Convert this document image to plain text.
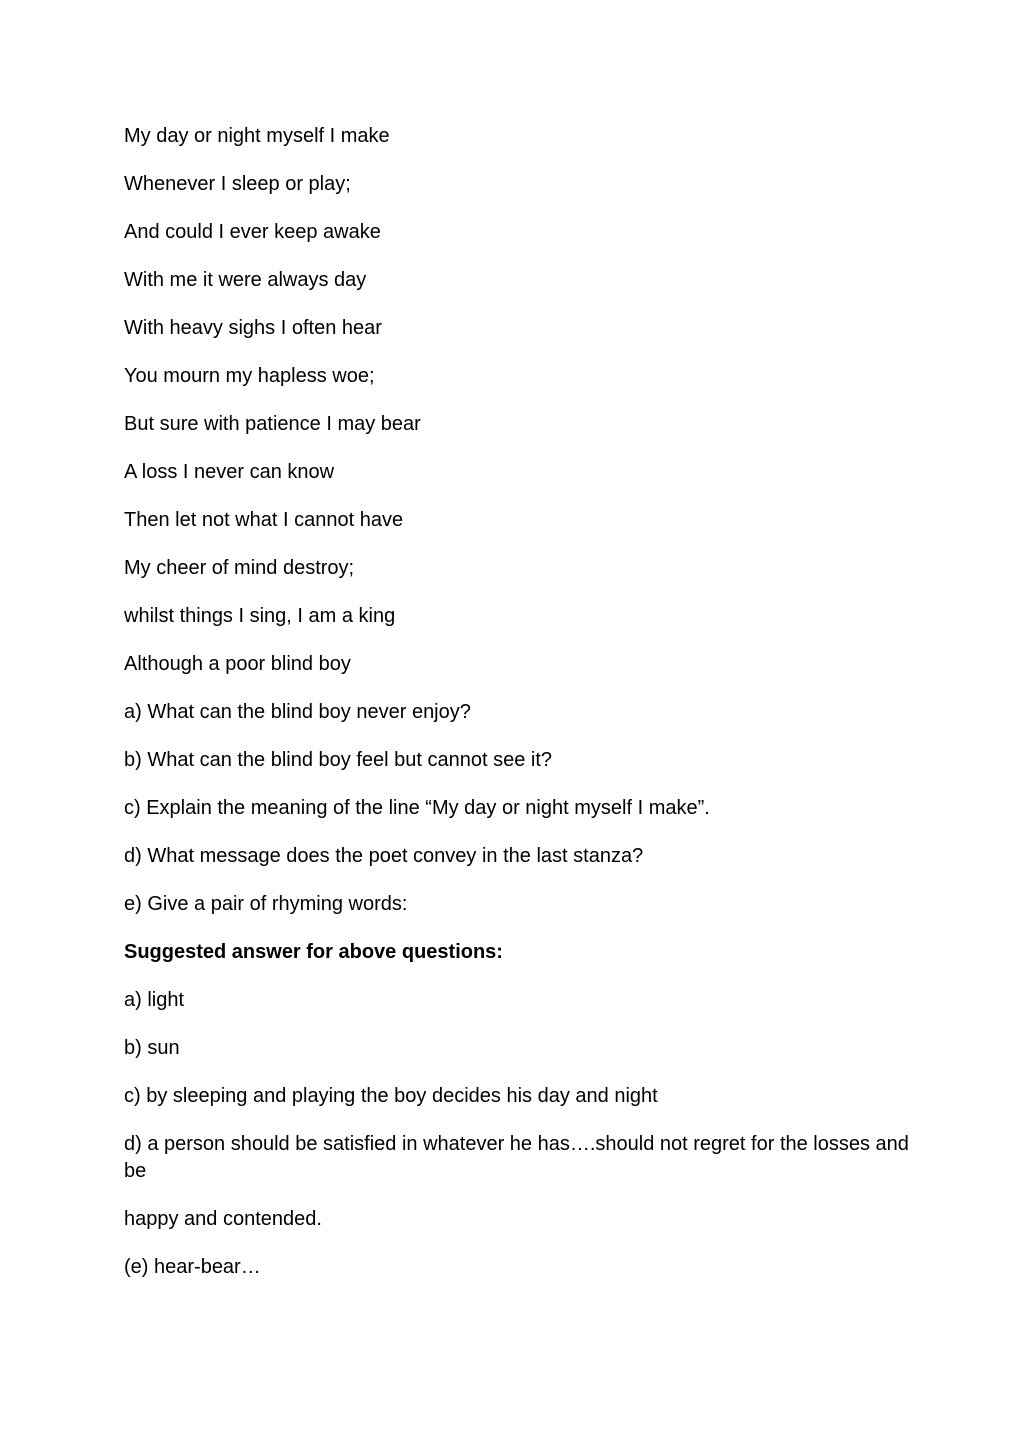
My day or night myself I make
Whenever I sleep or play;
And could I ever keep awake
With me it were always day
With heavy sighs I often hear
You mourn my hapless woe;
But sure with patience I may bear
A loss I never can know
Then let not what I cannot have
My cheer of mind destroy;
whilst things I sing, I am a king
Although a poor blind boy
a) What can the blind boy never enjoy?
b) What can the blind boy feel but cannot see it?
c) Explain the meaning of the line “My day or night myself I make”.
d) What message does the poet convey in the last stanza?
e) Give a pair of rhyming words:
Suggested answer for above questions:
a) light
b) sun
c) by sleeping and playing the boy decides his day and night
d) a person should be satisfied in whatever he has….should not regret for the losses and be
happy and contended.
(e) hear-bear…
